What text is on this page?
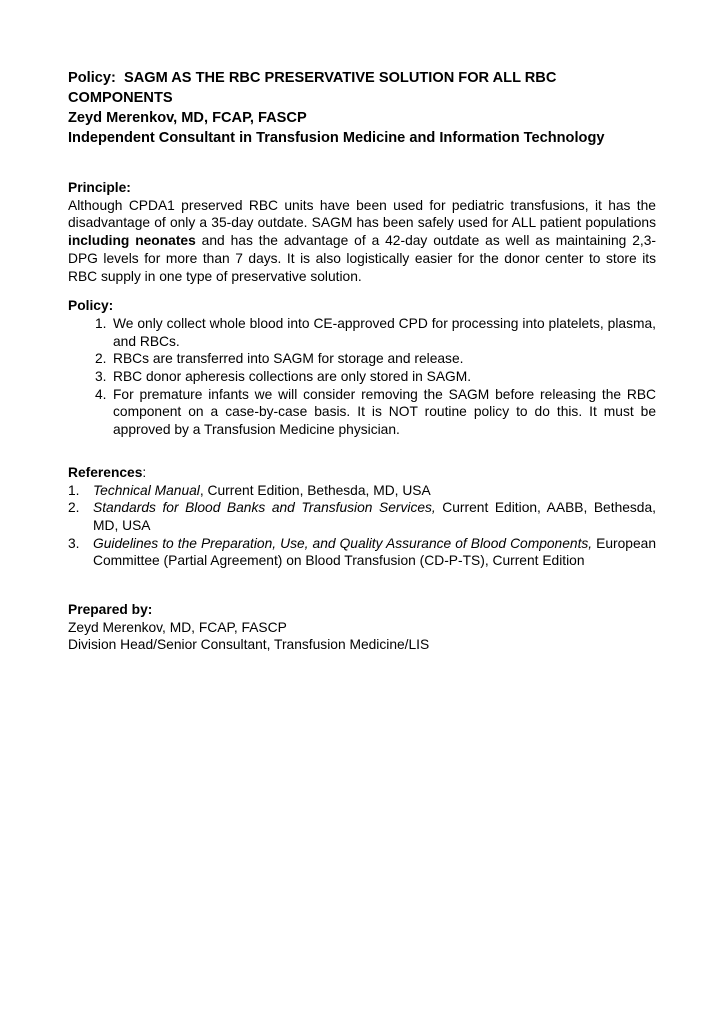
Policy:  SAGM AS THE RBC PRESERVATIVE SOLUTION FOR ALL RBC
COMPONENTS

Zeyd Merenkov, MD, FCAP, FASCP

Independent Consultant in Transfusion Medicine and Information Technology

Principle:

Although CPDA1 preserved RBC units have been used for pediatric transfusions, it has the disadvantage of only a 35-day outdate. SAGM has been safely used for ALL patient populations including neonates and has the advantage of a 42-day outdate as well as maintaining 2,3-DPG levels for more than 7 days. It is also logistically easier for the donor center to store its RBC supply in one type of preservative solution.

Policy:

1. We only collect whole blood into CE-approved CPD for processing into platelets, plasma, and RBCs.
2. RBCs are transferred into SAGM for storage and release.
3. RBC donor apheresis collections are only stored in SAGM.
4. For premature infants we will consider removing the SAGM before releasing the RBC component on a case-by-case basis. It is NOT routine policy to do this. It must be approved by a Transfusion Medicine physician.

References:

1. Technical Manual, Current Edition, Bethesda, MD, USA
2. Standards for Blood Banks and Transfusion Services, Current Edition, AABB, Bethesda, MD, USA
3. Guidelines to the Preparation, Use, and Quality Assurance of Blood Components, European Committee (Partial Agreement) on Blood Transfusion (CD-P-TS), Current Edition

Prepared by:

Zeyd Merenkov, MD, FCAP, FASCP

Division Head/Senior Consultant, Transfusion Medicine/LIS
